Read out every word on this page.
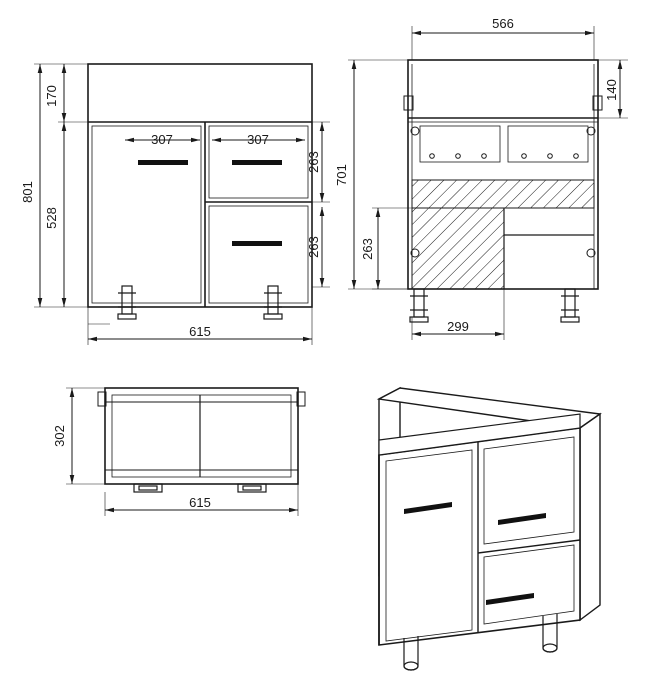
801
170
528
615
307	307
263
263
566
140
701
263
299
302
615
